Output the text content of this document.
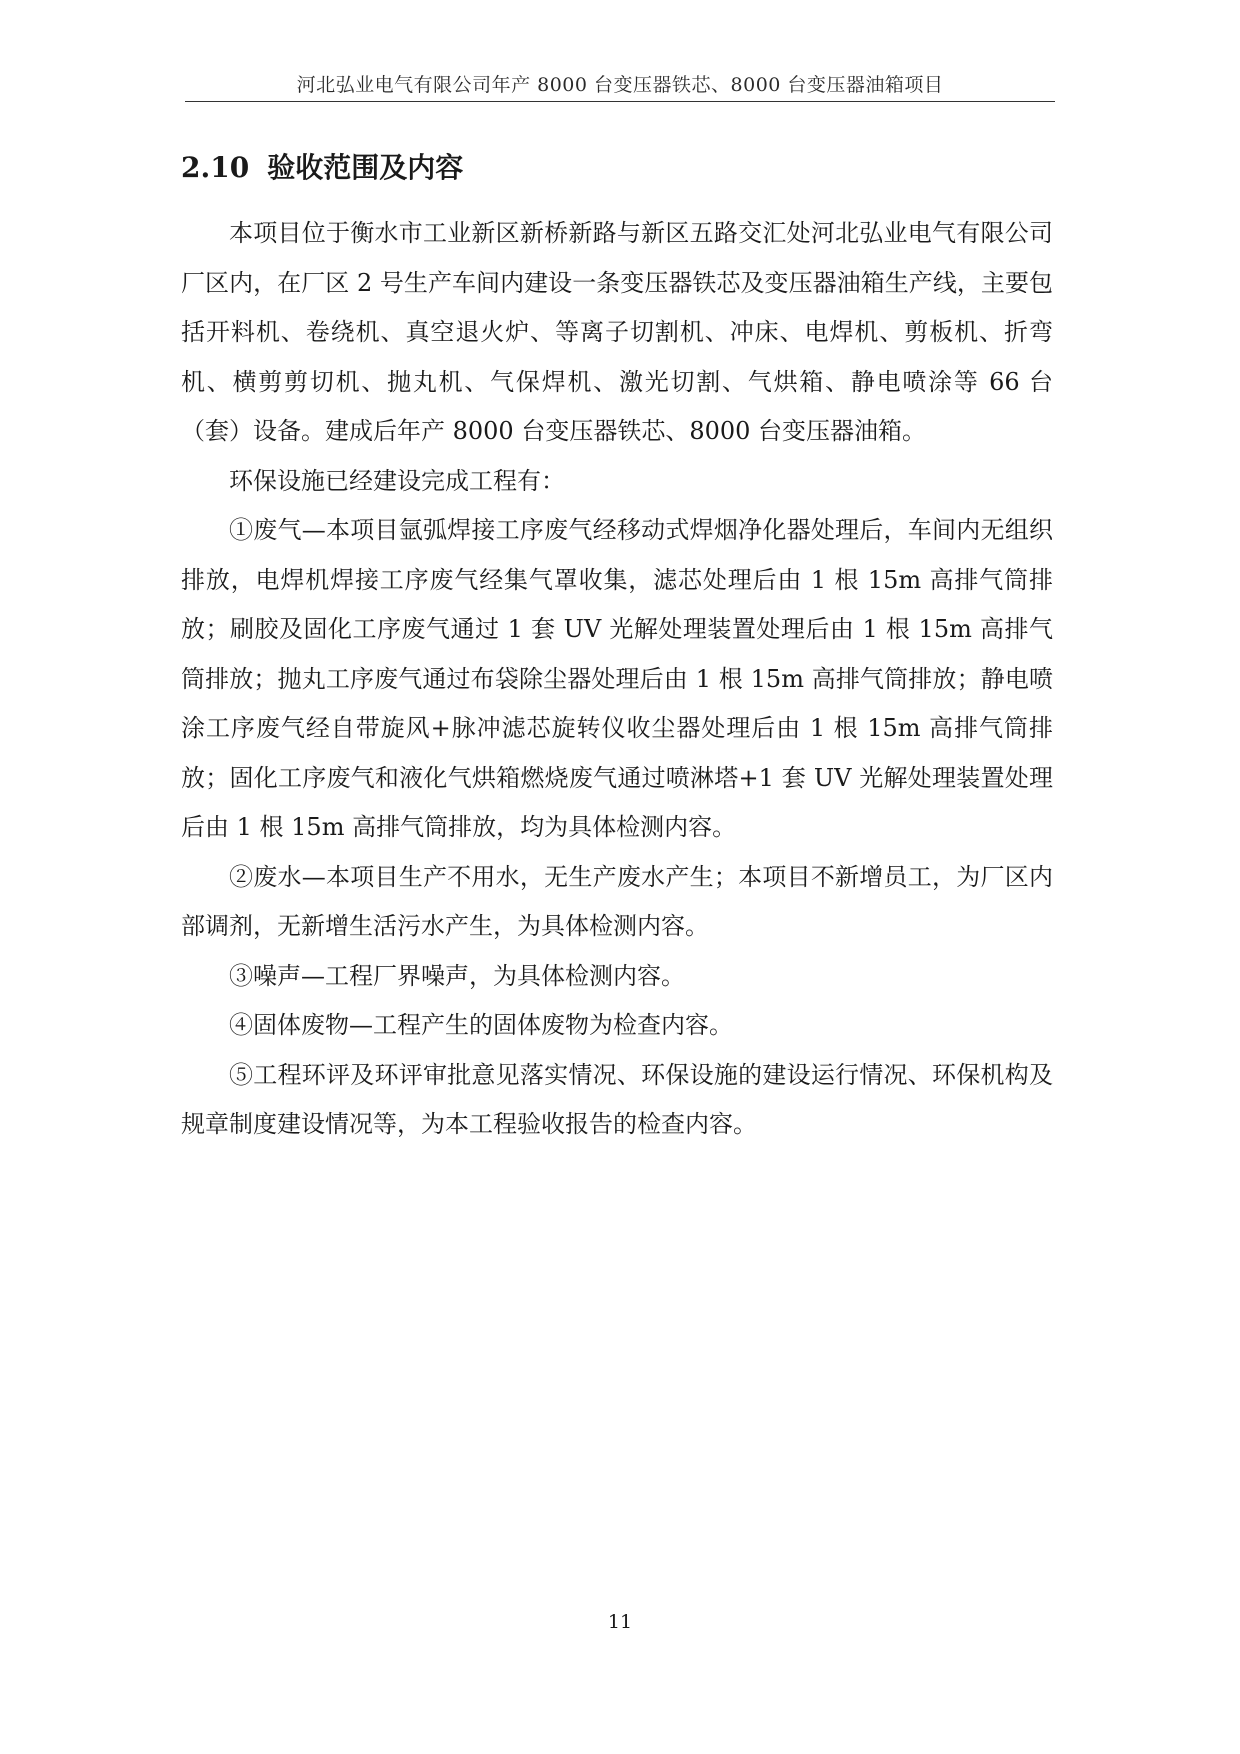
河北弘业电气有限公司年产 8000 台变压器铁芯、8000 台变压器油箱项目
2.10 验收范围及内容

本项目位于衡水市工业新区新桥新路与新区五路交汇处河北弘业电气有限公司厂区内，在厂区 2 号生产车间内建设一条变压器铁芯及变压器油箱生产线，主要包括开料机、卷绕机、真空退火炉、等离子切割机、冲床、电焊机、剪板机、折弯机、横剪剪切机、抛丸机、气保焊机、激光切割、气烘箱、静电喷涂等 66 台（套）设备。建成后年产 8000 台变压器铁芯、8000 台变压器油箱。

环保设施已经建设完成工程有：

①废气—本项目氩弧焊接工序废气经移动式焊烟净化器处理后，车间内无组织排放，电焊机焊接工序废气经集气罩收集，滤芯处理后由 1 根 15m 高排气筒排放；刷胶及固化工序废气通过 1 套 UV 光解处理装置处理后由 1 根 15m 高排气筒排放；抛丸工序废气通过布袋除尘器处理后由 1 根 15m 高排气筒排放；静电喷涂工序废气经自带旋风+脉冲滤芯旋转仪收尘器处理后由 1 根 15m 高排气筒排放；固化工序废气和液化气烘箱燃烧废气通过喷淋塔+1 套 UV 光解处理装置处理后由 1 根 15m 高排气筒排放，均为具体检测内容。

②废水—本项目生产不用水，无生产废水产生；本项目不新增员工，为厂区内部调剂，无新增生活污水产生，为具体检测内容。

③噪声—工程厂界噪声，为具体检测内容。

④固体废物—工程产生的固体废物为检查内容。

⑤工程环评及环评审批意见落实情况、环保设施的建设运行情况、环保机构及规章制度建设情况等，为本工程验收报告的检查内容。

11
